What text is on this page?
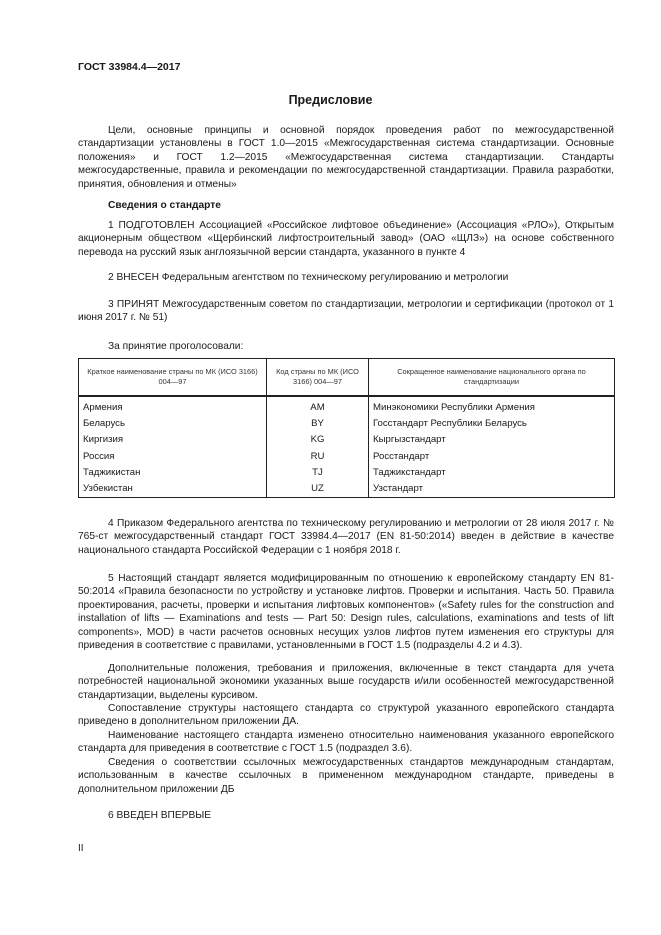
ГОСТ 33984.4—2017
Предисловие

Цели, основные принципы и основной порядок проведения работ по межгосударственной стандартизации установлены в ГОСТ 1.0—2015 «Межгосударственная система стандартизации. Основные положения» и ГОСТ 1.2—2015 «Межгосударственная система стандартизации. Стандарты межгосударственные, правила и рекомендации по межгосударственной стандартизации. Правила разработки, принятия, обновления и отмены»

Сведения о стандарте

1 ПОДГОТОВЛЕН Ассоциацией «Российское лифтовое объединение» (Ассоциация «РЛО»), Открытым акционерным обществом «Щербинский лифтостроительный завод» (ОАО «ЩЛЗ») на основе собственного перевода на русский язык англоязычной версии стандарта, указанного в пункте 4

2 ВНЕСЕН Федеральным агентством по техническому регулированию и метрологии

3 ПРИНЯТ Межгосударственным советом по стандартизации, метрологии и сертификации (протокол от 1 июня 2017 г. № 51)

За принятие проголосовали:
Краткое наименование страны по МК (ИСО 3166) 004—97	Код страны по МК (ИСО 3166) 004—97	Сокращенное наименование национального органа по стандартизации
Армения	AM	Минэкономики Республики Армения
Беларусь	BY	Госстандарт Республики Беларусь
Киргизия	KG	Кыргызстандарт
Россия	RU	Росстандарт
Таджикистан	TJ	Таджикстандарт
Узбекистан	UZ	Узстандарт

4 Приказом Федерального агентства по техническому регулированию и метрологии от 28 июля 2017 г. № 765-ст межгосударственный стандарт ГОСТ 33984.4—2017 (EN 81-50:2014) введен в действие в качестве национального стандарта Российской Федерации с 1 ноября 2018 г.

5 Настоящий стандарт является модифицированным по отношению к европейскому стандарту EN 81-50:2014 «Правила безопасности по устройству и установке лифтов. Проверки и испытания. Часть 50. Правила проектирования, расчеты, проверки и испытания лифтовых компонентов» («Safety rules for the construction and installation of lifts — Examinations and tests — Part 50: Design rules, calculations, examinations and tests of lift components», MOD) в части расчетов основных несущих узлов лифтов путем изменения его структуры для приведения в соответствие с правилами, установленными в ГОСТ 1.5 (подразделы 4.2 и 4.3).

Дополнительные положения, требования и приложения, включенные в текст стандарта для учета потребностей национальной экономики указанных выше государств и/или особенностей межгосударственной стандартизации, выделены курсивом.

Сопоставление структуры настоящего стандарта со структурой указанного европейского стандарта приведено в дополнительном приложении ДА.

Наименование настоящего стандарта изменено относительно наименования указанного европейского стандарта для приведения в соответствие с ГОСТ 1.5 (подраздел 3.6).

Сведения о соответствии ссылочных межгосударственных стандартов международным стандартам, использованным в качестве ссылочных в примененном международном стандарте, приведены в дополнительном приложении ДБ

6 ВВЕДЕН ВПЕРВЫЕ

II
